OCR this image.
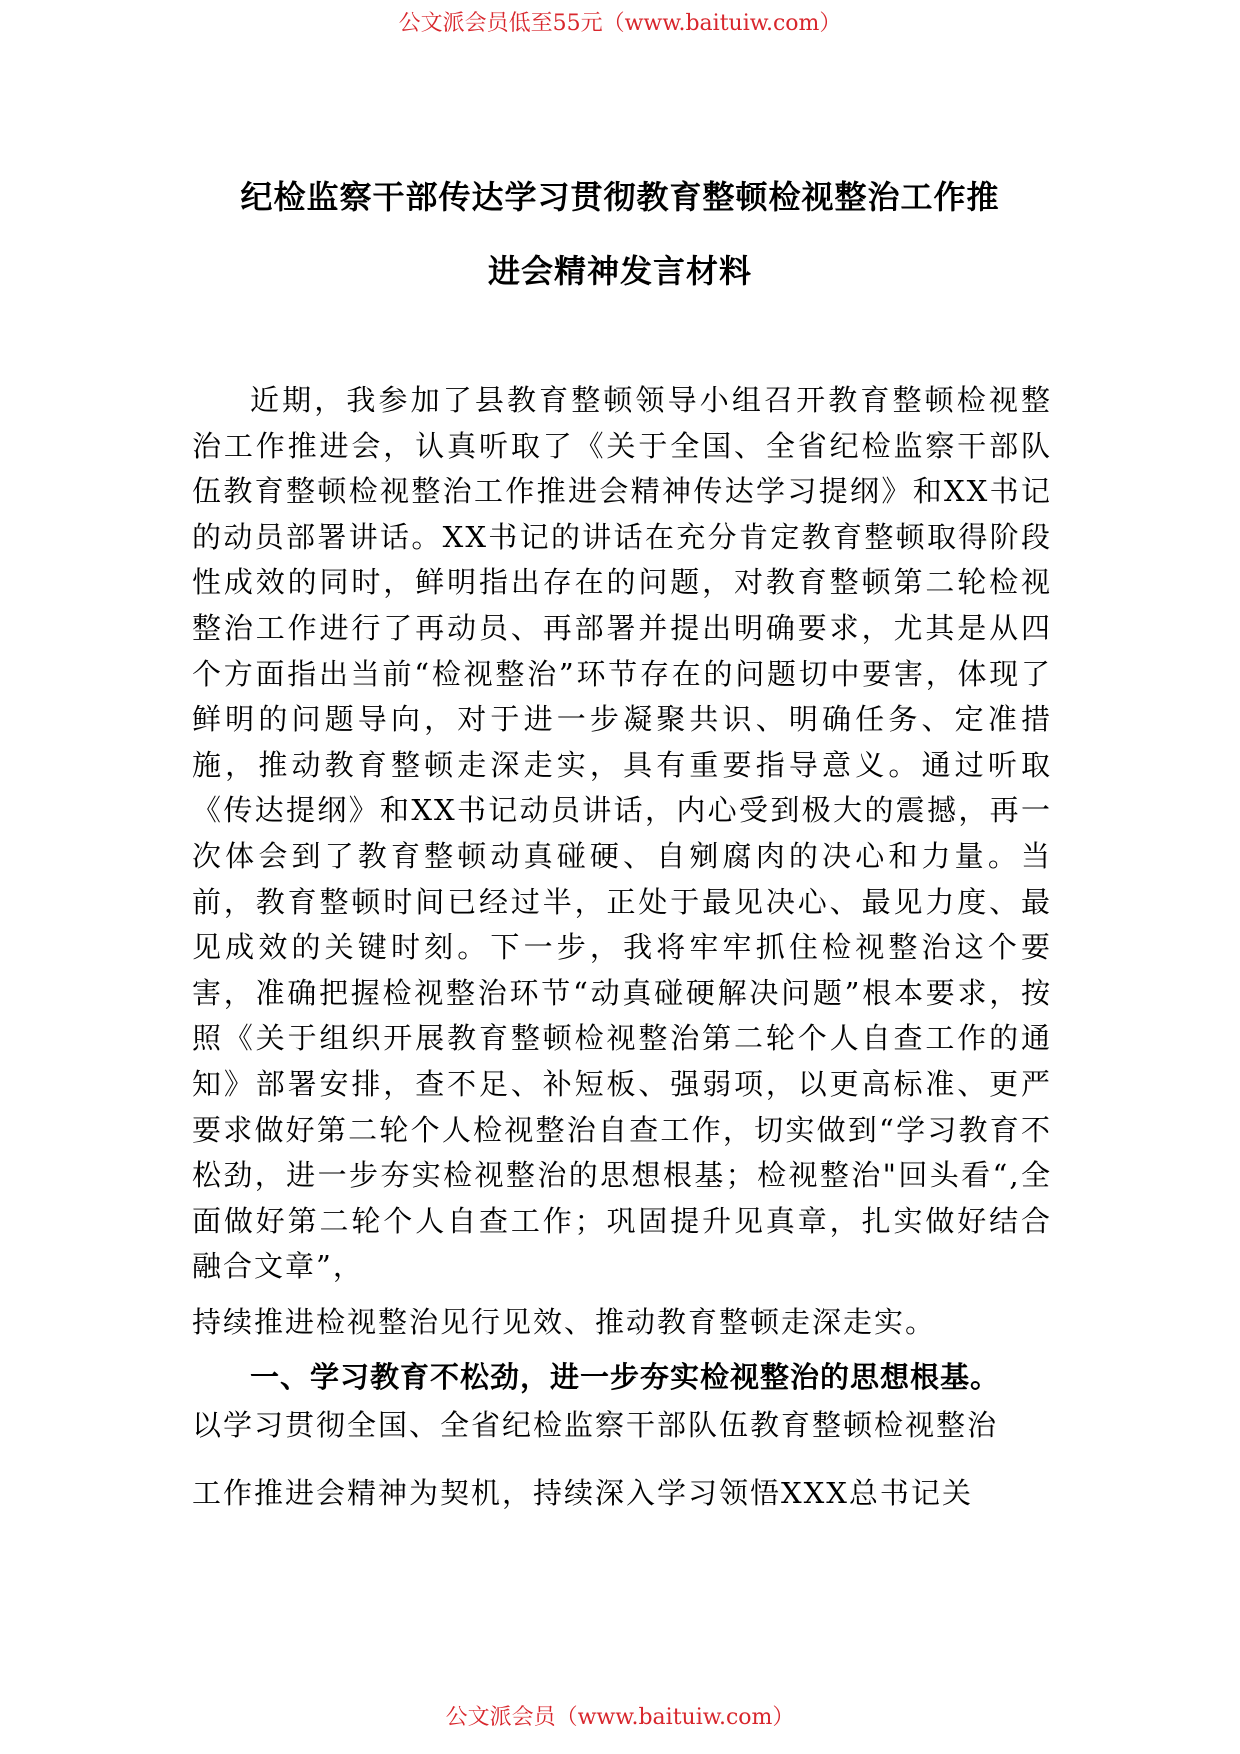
公文派会员低至55元（www.baituiw.com）
纪检监察干部传达学习贯彻教育整顿检视整治工作推
进会精神发言材料

近期，我参加了县教育整顿领导小组召开教育整顿检视整治工作推进会，认真听取了《关于全国、全省纪检监察干部队伍教育整顿检视整治工作推进会精神传达学习提纲》和XX书记的动员部署讲话。XX书记的讲话在充分肯定教育整顿取得阶段性成效的同时，鲜明指出存在的问题，对教育整顿第二轮检视整治工作进行了再动员、再部署并提出明确要求，尤其是从四个方面指出当前“检视整治”环节存在的问题切中要害，体现了鲜明的问题导向，对于进一步凝聚共识、明确任务、定准措施，推动教育整顿走深走实，具有重要指导意义。通过听取《传达提纲》和XX书记动员讲话，内心受到极大的震撼，再一次体会到了教育整顿动真碰硬、自剜腐肉的决心和力量。当前，教育整顿时间已经过半，正处于最见决心、最见力度、最见成效的关键时刻。下一步，我将牢牢抓住检视整治这个要害，准确把握检视整治环节“动真碰硬解决问题”根本要求，按照《关于组织开展教育整顿检视整治第二轮个人自查工作的通知》部署安排，查不足、补短板、强弱项，以更高标准、更严要求做好第二轮个人检视整治自查工作，切实做到“学习教育不松劲，进一步夯实检视整治的思想根基；检视整治"回头看“,全面做好第二轮个人自查工作；巩固提升见真章，扎实做好结合融合文章”，

持续推进检视整治见行见效、推动教育整顿走深走实。

一、学习教育不松劲，进一步夯实检视整治的思想根基。

以学习贯彻全国、全省纪检监察干部队伍教育整顿检视整治

工作推进会精神为契机，持续深入学习领悟XXX总书记关

公文派会员（www.baituiw.com）
